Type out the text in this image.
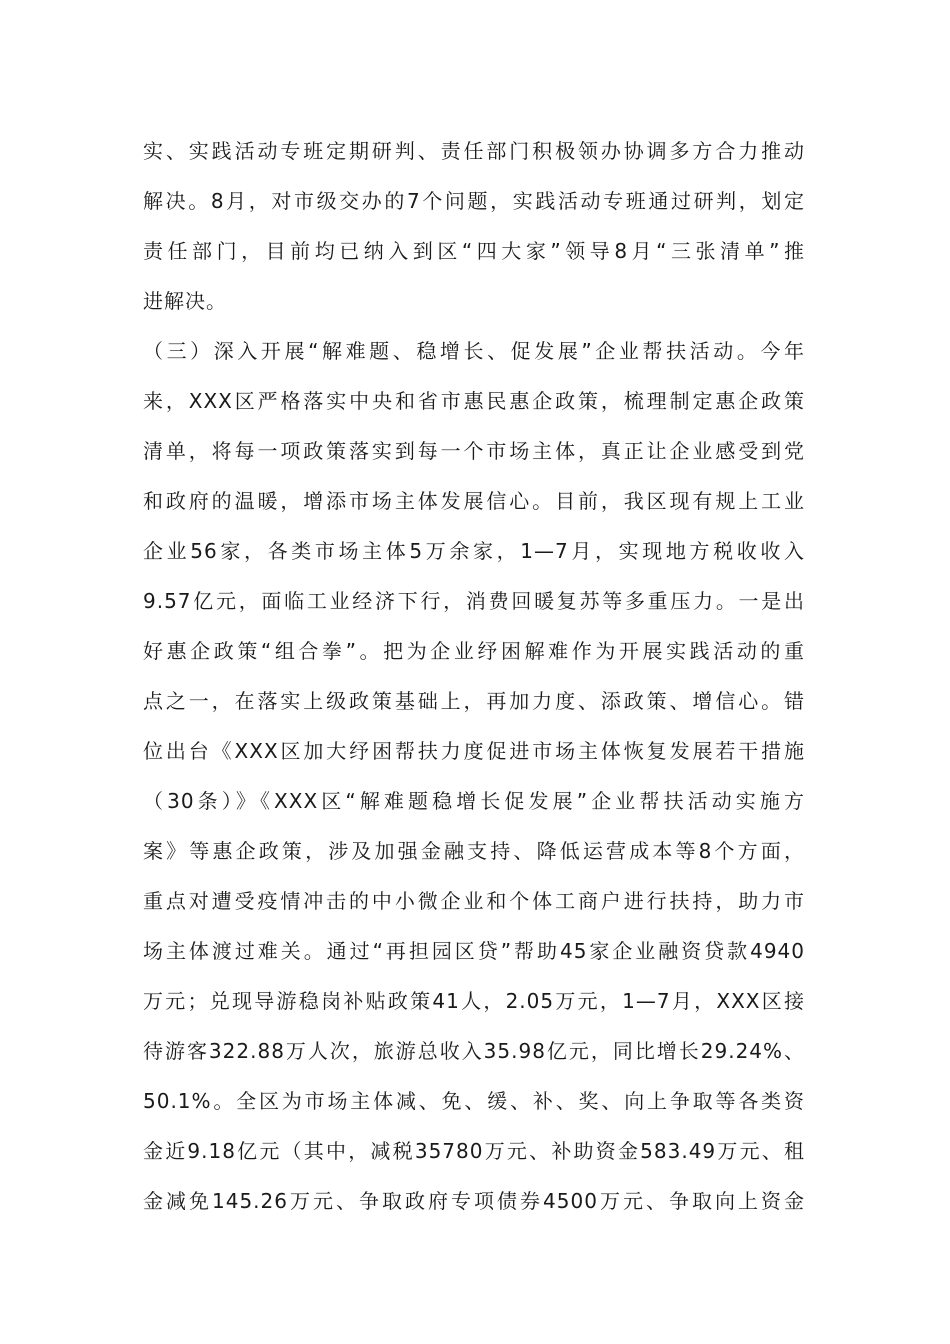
实、实践活动专班定期研判、责任部门积极领办协调多方合力推动
解决。8月，对市级交办的7个问题，实践活动专班通过研判，划定
责任部门，目前均已纳入到区“四大家”领导8月“三张清单”推
进解决。
（三）深入开展“解难题、稳增长、促发展”企业帮扶活动。今年
来，XXX区严格落实中央和省市惠民惠企政策，梳理制定惠企政策
清单，将每一项政策落实到每一个市场主体，真正让企业感受到党
和政府的温暖，增添市场主体发展信心。目前，我区现有规上工业
企业56家，各类市场主体5万余家，1—7月，实现地方税收收入
9.57亿元，面临工业经济下行，消费回暖复苏等多重压力。一是出
好惠企政策“组合拳”。把为企业纾困解难作为开展实践活动的重
点之一，在落实上级政策基础上，再加力度、添政策、增信心。错
位出台《XXX区加大纾困帮扶力度促进市场主体恢复发展若干措施
（30条）》《XXX区“解难题稳增长促发展”企业帮扶活动实施方
案》等惠企政策，涉及加强金融支持、降低运营成本等8个方面，
重点对遭受疫情冲击的中小微企业和个体工商户进行扶持，助力市
场主体渡过难关。通过“再担园区贷”帮助45家企业融资贷款4940
万元；兑现导游稳岗补贴政策41人，2.05万元，1—7月，XXX区接
待游客322.88万人次，旅游总收入35.98亿元，同比增长29.24%、
50.1%。全区为市场主体减、免、缓、补、奖、向上争取等各类资
金近9.18亿元（其中，减税35780万元、补助资金583.49万元、租
金减免145.26万元、争取政府专项债券4500万元、争取向上资金
